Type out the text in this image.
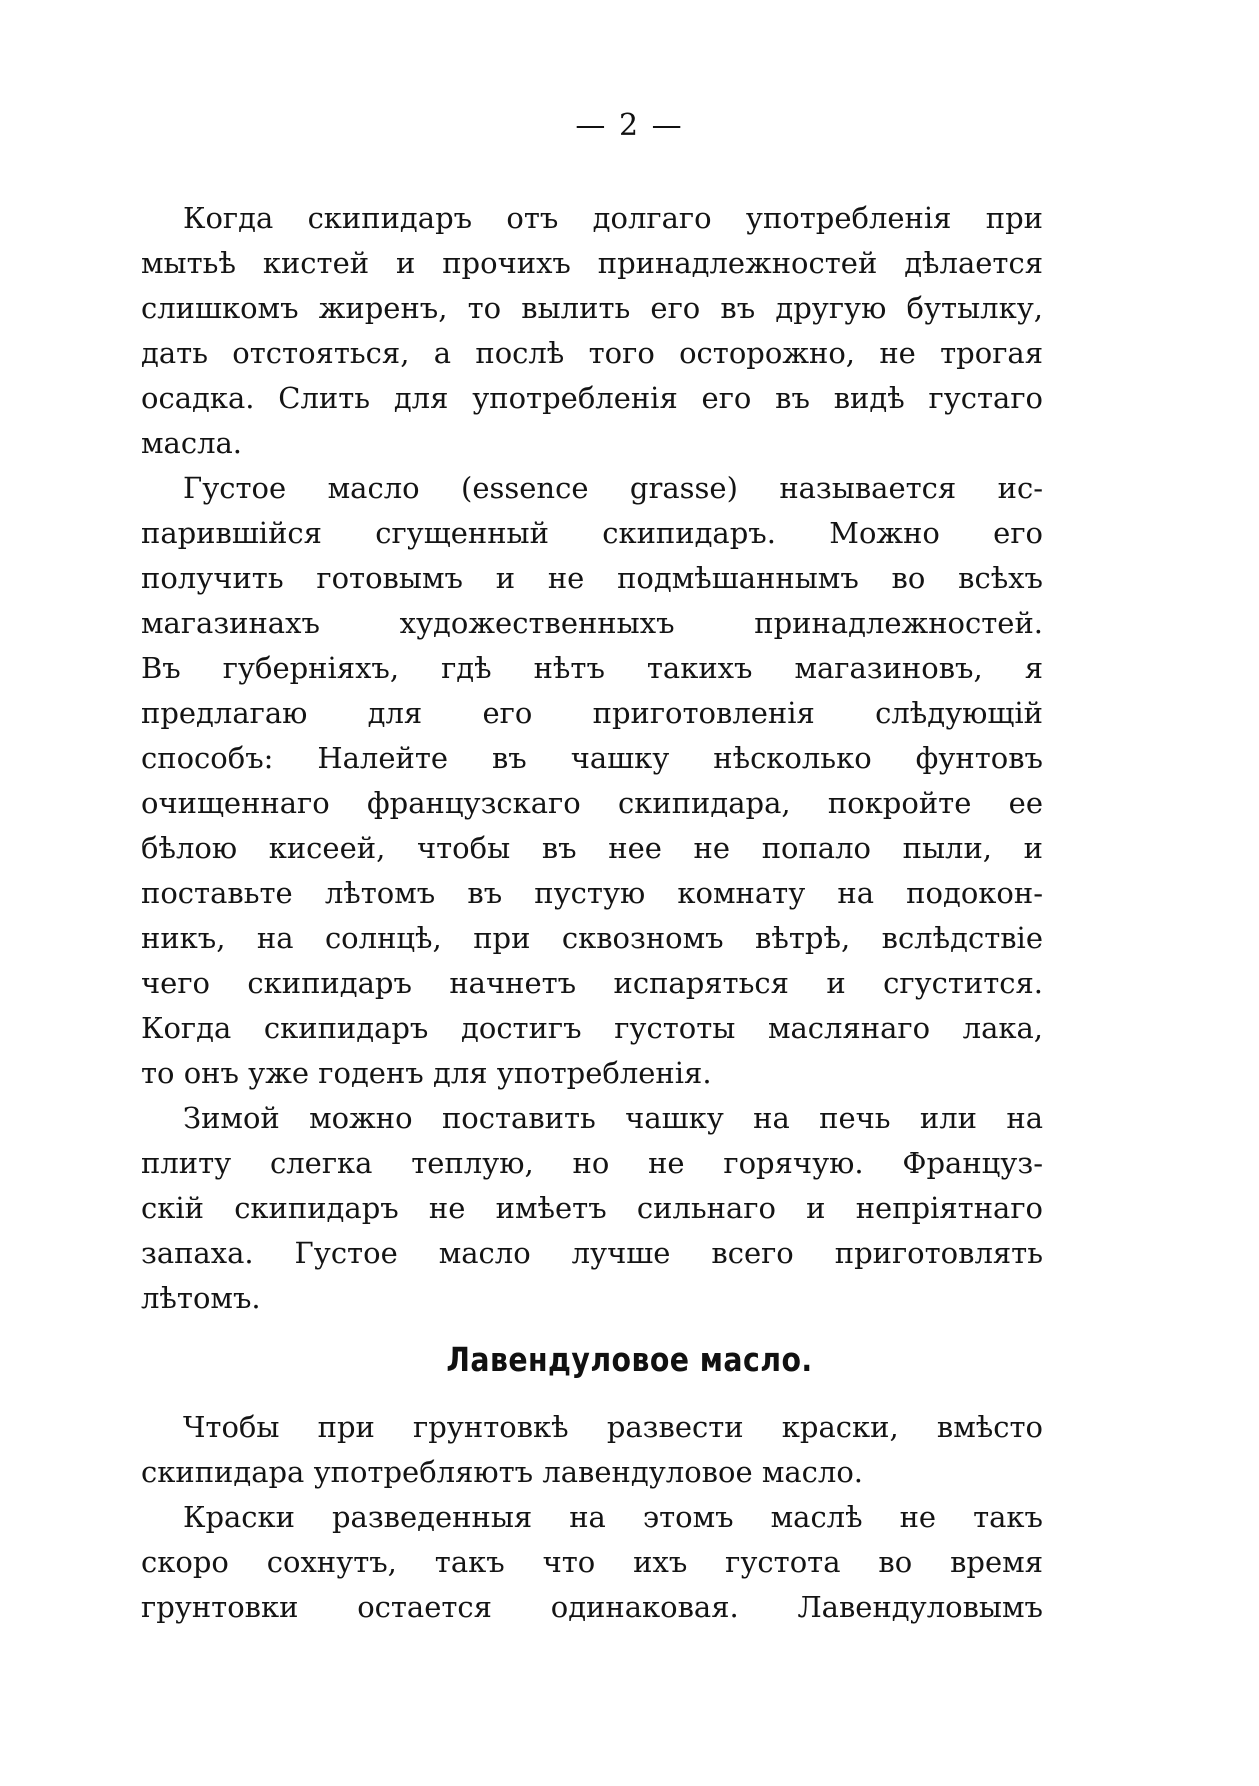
— 2 —
Когда скипидаръ отъ долгаго употребленія при
мытьѣ кистей и прочихъ принадлежностей дѣлается
слишкомъ жиренъ, то вылить его въ другую бутылку,
дать отстояться, а послѣ того осторожно, не трогая
осадка. Слить для употребленія его въ видѣ густаго
масла.
Густое масло (essence grasse) называется ис-
парившійся сгущенный скипидаръ. Можно его
получить готовымъ и не подмѣшаннымъ во всѣхъ
магазинахъ художественныхъ принадлежностей.
Въ губерніяхъ, гдѣ нѣтъ такихъ магазиновъ, я
предлагаю для его приготовленія слѣдующій
способъ: Налейте въ чашку нѣсколько фунтовъ
очищеннаго французскаго скипидара, покройте ее
бѣлою кисеей, чтобы въ нее не попало пыли, и
поставьте лѣтомъ въ пустую комнату на подокон-
никъ, на солнцѣ, при сквозномъ вѣтрѣ, вслѣдствіе
чего скипидаръ начнетъ испаряться и сгустится.
Когда скипидаръ достигъ густоты маслянаго лака,
то онъ уже годенъ для употребленія.
Зимой можно поставить чашку на печь или на
плиту слегка теплую, но не горячую. Француз-
скій скипидаръ не имѣетъ сильнаго и непріятнаго
запаха. Густое масло лучше всего приготовлять
лѣтомъ.
Лавендуловое масло.
Чтобы при грунтовкѣ развести краски, вмѣсто
скипидара употребляютъ лавендуловое масло.
Краски разведенныя на этомъ маслѣ не такъ
скоро сохнутъ, такъ что ихъ густота во время
грунтовки остается одинаковая. Лавендуловымъ
